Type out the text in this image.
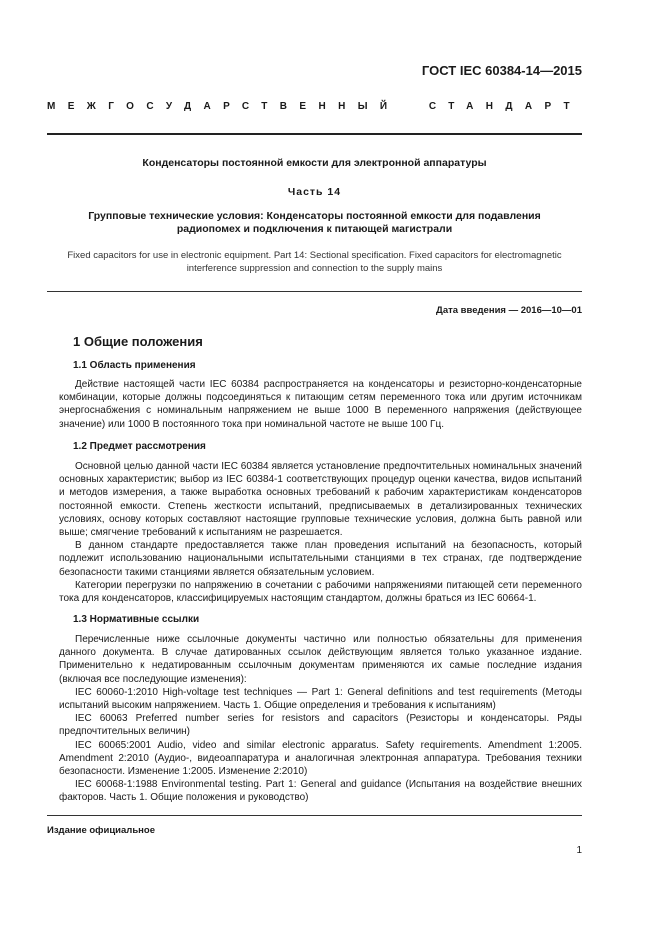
ГОСТ IEC 60384-14—2015
МЕЖГОСУДАРСТВЕННЫЙ	СТАНДАРТ
Конденсаторы постоянной емкости для электронной аппаратуры
Часть 14
Групповые технические условия: Конденсаторы постоянной емкости для подавления радиопомех и подключения к питающей магистрали
Fixed capacitors for use in electronic equipment. Part 14: Sectional specification. Fixed capacitors for electromagnetic interference suppression and connection to the supply mains
Дата введения — 2016—10—01
1 Общие положения
1.1 Область применения

Действие настоящей части IEC 60384 распространяется на конденсаторы и резисторно-конденсаторные комбинации, которые должны подсоединяться к питающим сетям переменного тока или другим источникам энергоснабжения с номинальным напряжением не выше 1000 В переменного напряжения (действующее значение) или 1000 В постоянного тока при номинальной частоте не выше 100 Гц.

1.2 Предмет рассмотрения

Основной целью данной части IEC 60384 является установление предпочтительных номинальных значений основных характеристик; выбор из IEC 60384-1 соответствующих процедур оценки качества, видов испытаний и методов измерения, а также выработка основных требований к рабочим характеристикам конденсаторов постоянной емкости. Степень жесткости испытаний, предписываемых в детализированных технических условиях, основу которых составляют настоящие групповые технические условия, должна быть равной или выше; смягчение требований к испытаниям не разрешается.

В данном стандарте предоставляется также план проведения испытаний на безопасность, который подлежит использованию национальными испытательными станциями в тех странах, где подтверждение безопасности такими станциями является обязательным условием.

Категории перегрузки по напряжению в сочетании с рабочими напряжениями питающей сети переменного тока для конденсаторов, классифицируемых настоящим стандартом, должны браться из IEC 60664-1.

1.3 Нормативные ссылки

Перечисленные ниже ссылочные документы частично или полностью обязательны для применения данного документа. В случае датированных ссылок действующим является только указанное издание. Применительно к недатированным ссылочным документам применяются их самые последние издания (включая все последующие изменения):

IEC 60060-1:2010 High-voltage test techniques — Part 1: General definitions and test requirements (Методы испытаний высоким напряжением. Часть 1. Общие определения и требования к испытаниям)

IEC 60063 Preferred number series for resistors and capacitors (Резисторы и конденсаторы. Ряды предпочтительных величин)

IEC 60065:2001 Audio, video and similar electronic apparatus. Safety requirements. Amendment 1:2005. Amendment 2:2010 (Аудио-, видеоаппаратура и аналогичная электронная аппаратура. Требования техники безопасности. Изменение 1:2005. Изменение 2:2010)

IEC 60068-1:1988 Environmental testing. Part 1: General and guidance (Испытания на воздействие внешних факторов. Часть 1. Общие положения и руководство)

Издание официальное
1
